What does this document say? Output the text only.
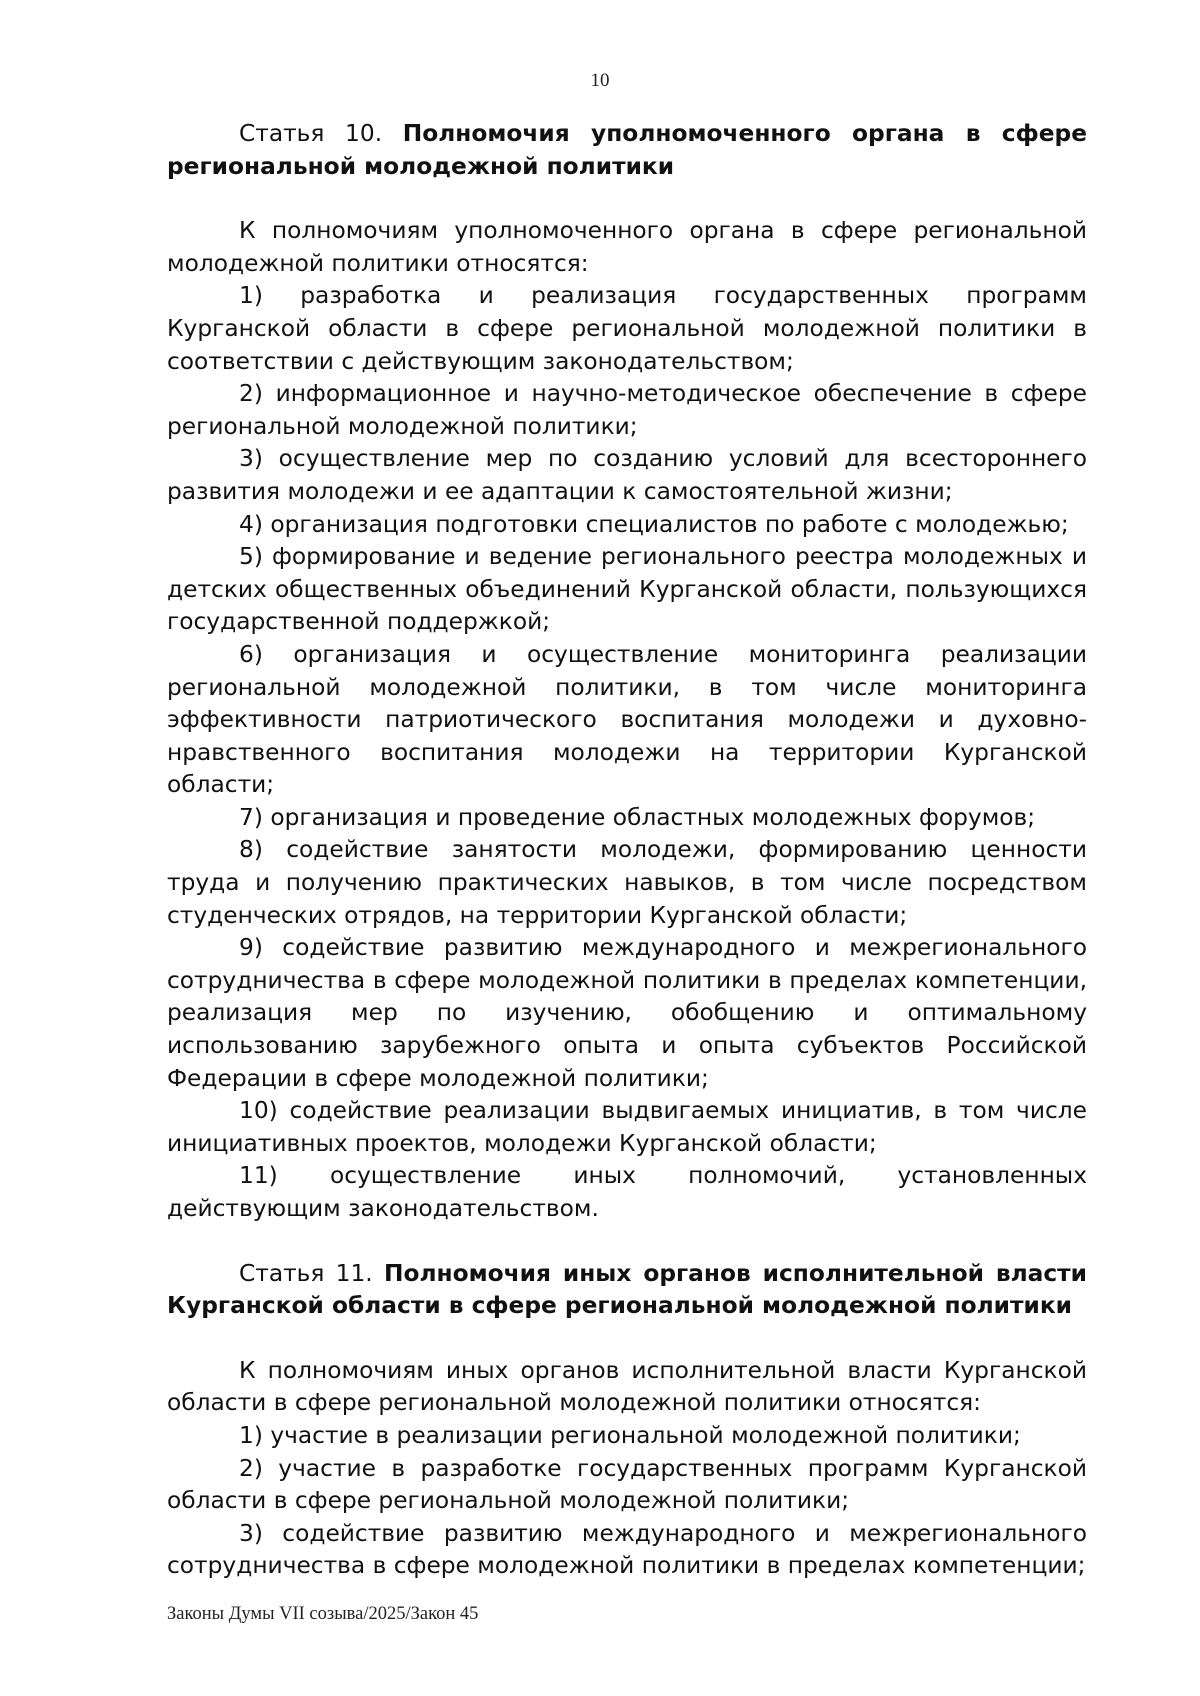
10

Статья 10. Полномочия уполномоченного органа в сфере региональной молодежной политики

К полномочиям уполномоченного органа в сфере региональной молодежной политики относятся:

1) разработка и реализация государственных программ Курганской области в сфере региональной молодежной политики в соответствии с действующим законодательством;

2) информационное и научно-методическое обеспечение в сфере региональной молодежной политики;

3) осуществление мер по созданию условий для всестороннего развития молодежи и ее адаптации к самостоятельной жизни;

4) организация подготовки специалистов по работе с молодежью;

5) формирование и ведение регионального реестра молодежных и детских общественных объединений Курганской области, пользующихся государственной поддержкой;

6) организация и осуществление мониторинга реализации региональной молодежной политики, в том числе мониторинга эффективности патриотического воспитания молодежи и духовно-нравственного воспитания молодежи на территории Курганской области;

7) организация и проведение областных молодежных форумов;

8) содействие занятости молодежи, формированию ценности труда и получению практических навыков, в том числе посредством студенческих отрядов, на территории Курганской области;

9) содействие развитию международного и межрегионального сотрудничества в сфере молодежной политики в пределах компетенции, реализация мер по изучению, обобщению и оптимальному использованию зарубежного опыта и опыта субъектов Российской Федерации в сфере молодежной политики;

10) содействие реализации выдвигаемых инициатив, в том числе инициативных проектов, молодежи Курганской области;

11) осуществление иных полномочий, установленных действующим законодательством.

Статья 11. Полномочия иных органов исполнительной власти Курганской области в сфере региональной молодежной политики

К полномочиям иных органов исполнительной власти Курганской области в сфере региональной молодежной политики относятся:

1) участие в реализации региональной молодежной политики;

2) участие в разработке государственных программ Курганской области в сфере региональной молодежной политики;

3) содействие развитию международного и межрегионального сотрудничества в сфере молодежной политики в пределах компетенции;

Законы Думы VII созыва/2025/Закон 45
